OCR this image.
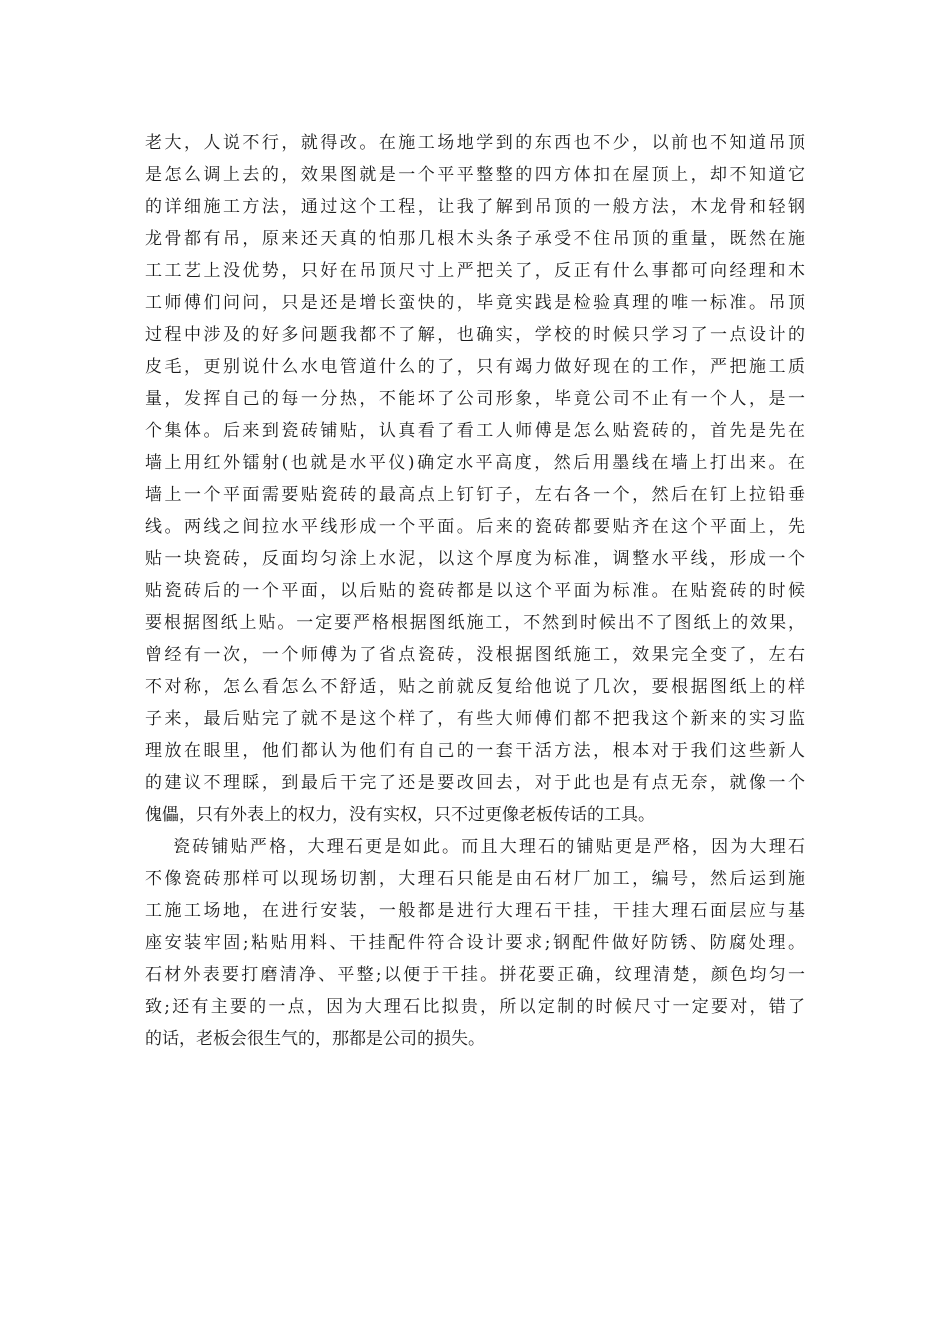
老大，人说不行，就得改。在施工场地学到的东西也不少，以前也不知道吊顶
是怎么调上去的，效果图就是一个平平整整的四方体扣在屋顶上，却不知道它
的详细施工方法，通过这个工程，让我了解到吊顶的一般方法，木龙骨和轻钢
龙骨都有吊，原来还天真的怕那几根木头条子承受不住吊顶的重量，既然在施
工工艺上没优势，只好在吊顶尺寸上严把关了，反正有什么事都可向经理和木
工师傅们问问，只是还是增长蛮快的，毕竟实践是检验真理的唯一标准。吊顶
过程中涉及的好多问题我都不了解，也确实，学校的时候只学习了一点设计的
皮毛，更别说什么水电管道什么的了，只有竭力做好现在的工作，严把施工质
量，发挥自己的每一分热，不能坏了公司形象，毕竟公司不止有一个人，是一
个集体。后来到瓷砖铺贴，认真看了看工人师傅是怎么贴瓷砖的，首先是先在
墙上用红外镭射(也就是水平仪)确定水平高度，然后用墨线在墙上打出来。在
墙上一个平面需要贴瓷砖的最高点上钉钉子，左右各一个，然后在钉上拉铅垂
线。两线之间拉水平线形成一个平面。后来的瓷砖都要贴齐在这个平面上，先
贴一块瓷砖，反面均匀涂上水泥，以这个厚度为标准，调整水平线，形成一个
贴瓷砖后的一个平面，以后贴的瓷砖都是以这个平面为标准。在贴瓷砖的时候
要根据图纸上贴。一定要严格根据图纸施工，不然到时候出不了图纸上的效果，
曾经有一次，一个师傅为了省点瓷砖，没根据图纸施工，效果完全变了，左右
不对称，怎么看怎么不舒适，贴之前就反复给他说了几次，要根据图纸上的样
子来，最后贴完了就不是这个样了，有些大师傅们都不把我这个新来的实习监
理放在眼里，他们都认为他们有自己的一套干活方法，根本对于我们这些新人
的建议不理睬，到最后干完了还是要改回去，对于此也是有点无奈，就像一个
傀儡，只有外表上的权力，没有实权，只不过更像老板传话的工具。
瓷砖铺贴严格，大理石更是如此。而且大理石的铺贴更是严格，因为大理石
不像瓷砖那样可以现场切割，大理石只能是由石材厂加工，编号，然后运到施
工施工场地，在进行安装，一般都是进行大理石干挂，干挂大理石面层应与基
座安装牢固;粘贴用料、干挂配件符合设计要求;钢配件做好防锈、防腐处理。
石材外表要打磨清净、平整;以便于干挂。拼花要正确，纹理清楚，颜色均匀一
致;还有主要的一点，因为大理石比拟贵，所以定制的时候尺寸一定要对，错了
的话，老板会很生气的，那都是公司的损失。
